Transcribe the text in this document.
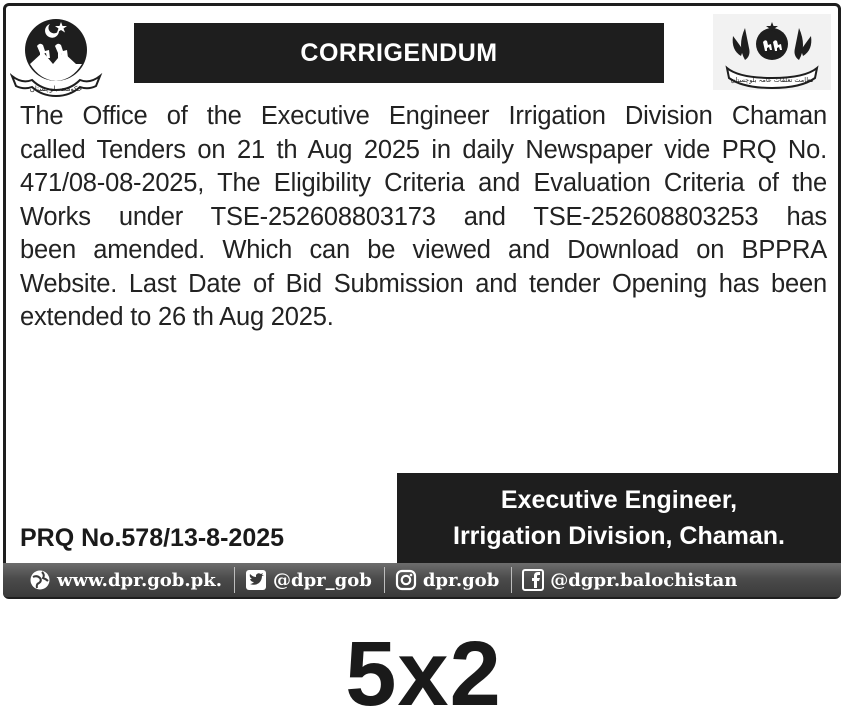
حکومت بلوچستان
CORRIGENDUM
نظامت تعلقات عامہ بلوچستان

The Office of the Executive Engineer Irrigation Division Chaman
called Tenders on 21 th Aug 2025 in daily Newspaper vide PRQ No.
471/08-08-2025, The Eligibility Criteria and Evaluation Criteria of the
Works under TSE-252608803173 and TSE-252608803253 has
been amended. Which can be viewed and Download on BPPRA
Website. Last Date of Bid Submission and tender Opening has been
extended to 26 th Aug 2025.

Executive Engineer,
Irrigation Division, Chaman.
PRQ No.578/13-8-2025
www.dpr.gob.pk.	@dpr_gob	dpr.gob	@dgpr.balochistan
5x2
